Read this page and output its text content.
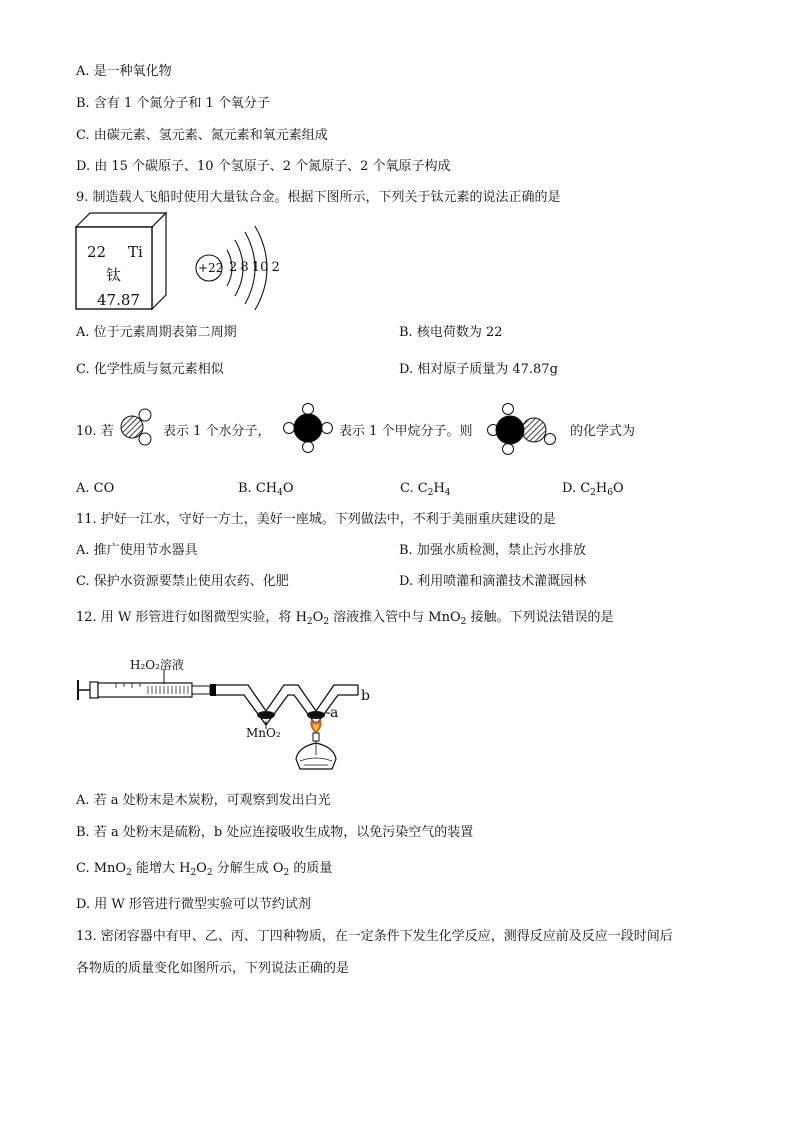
A. 是一种氧化物
B. 含有 1 个氮分子和 1 个氧分子
C. 由碳元素、氢元素、氮元素和氧元素组成
D. 由 15 个碳原子、10 个氢原子、2 个氮原子、2 个氧原子构成
9. 制造载人飞船时使用大量钛合金。根据下图所示，下列关于钛元素的说法正确的是
22 Ti
钛
47.87
+22 2 8 10 2
A. 位于元素周期表第二周期	B. 核电荷数为 22
C. 化学性质与氦元素相似	D. 相对原子质量为 47.87g
10. 若	表示 1 个水分子，	表示 1 个甲烷分子。则	的化学式为
A. CO	B. $CH_4O$	C. $C_2H_4$	D. $C_2H_6O$
11. 护好一江水，守好一方土，美好一座城。下列做法中，不利于美丽重庆建设的是
A. 推广使用节水器具	B. 加强水质检测，禁止污水排放
C. 保护水资源要禁止使用农药、化肥	D. 利用喷灌和滴灌技术灌溉园林
12. 用 W 形管进行如图微型实验，将 $H_2O_2$ 溶液推入管中与 MnO$_2$ 接触。下列说法错误的是
H₂O₂溶液
MnO₂
a
b
A. 若 a 处粉末是木炭粉，可观察到发出白光
B. 若 a 处粉末是硫粉，b 处应连接吸收生成物，以免污染空气的装置
C. MnO$_2$ 能增大 $H_2O_2$ 分解生成 $O_2$ 的质量
D. 用 W 形管进行微型实验可以节约试剂
13. 密闭容器中有甲、乙、丙、丁四种物质，在一定条件下发生化学反应，测得反应前及反应一段时间后
各物质的质量变化如图所示，下列说法正确的是
